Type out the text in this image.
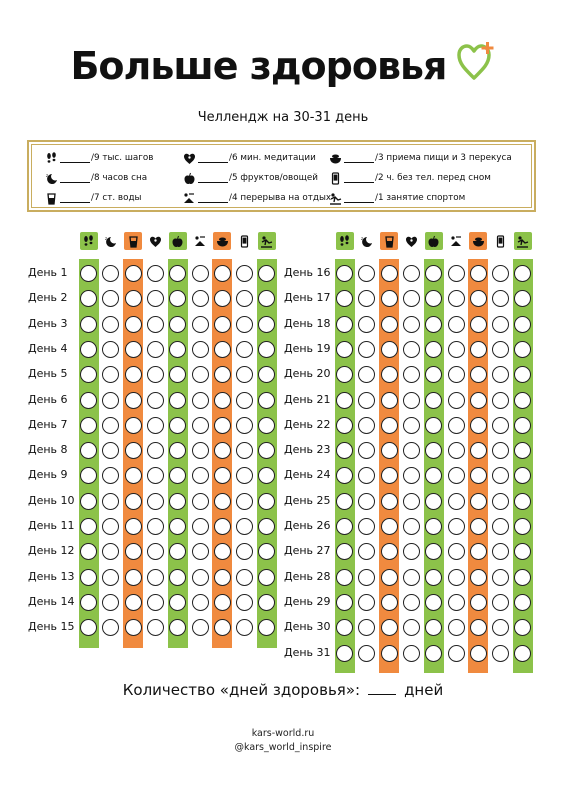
Больше здоровья
Челлендж на 30-31 день
/9 тыс. шагов	/6 мин. медитации	/3 приема пищи и 3 перекуса
z	/8 часов сна	/5 фруктов/овощей	/2 ч. без тел. перед сном
/7 ст. воды	/4 перерыва на отдых	/1 занятие спортом
z
День 1
День 2
День 3
День 4
День 5
День 6
День 7
День 8
День 9
День 10
День 11
День 12
День 13
День 14
День 15
z
День 16
День 17
День 18
День 19
День 20
День 21
День 22
День 23
День 24
День 25
День 26
День 27
День 28
День 29
День 30
День 31
Количество «дней здоровья»:	дней
kars-world.ru
@kars_world_inspire
